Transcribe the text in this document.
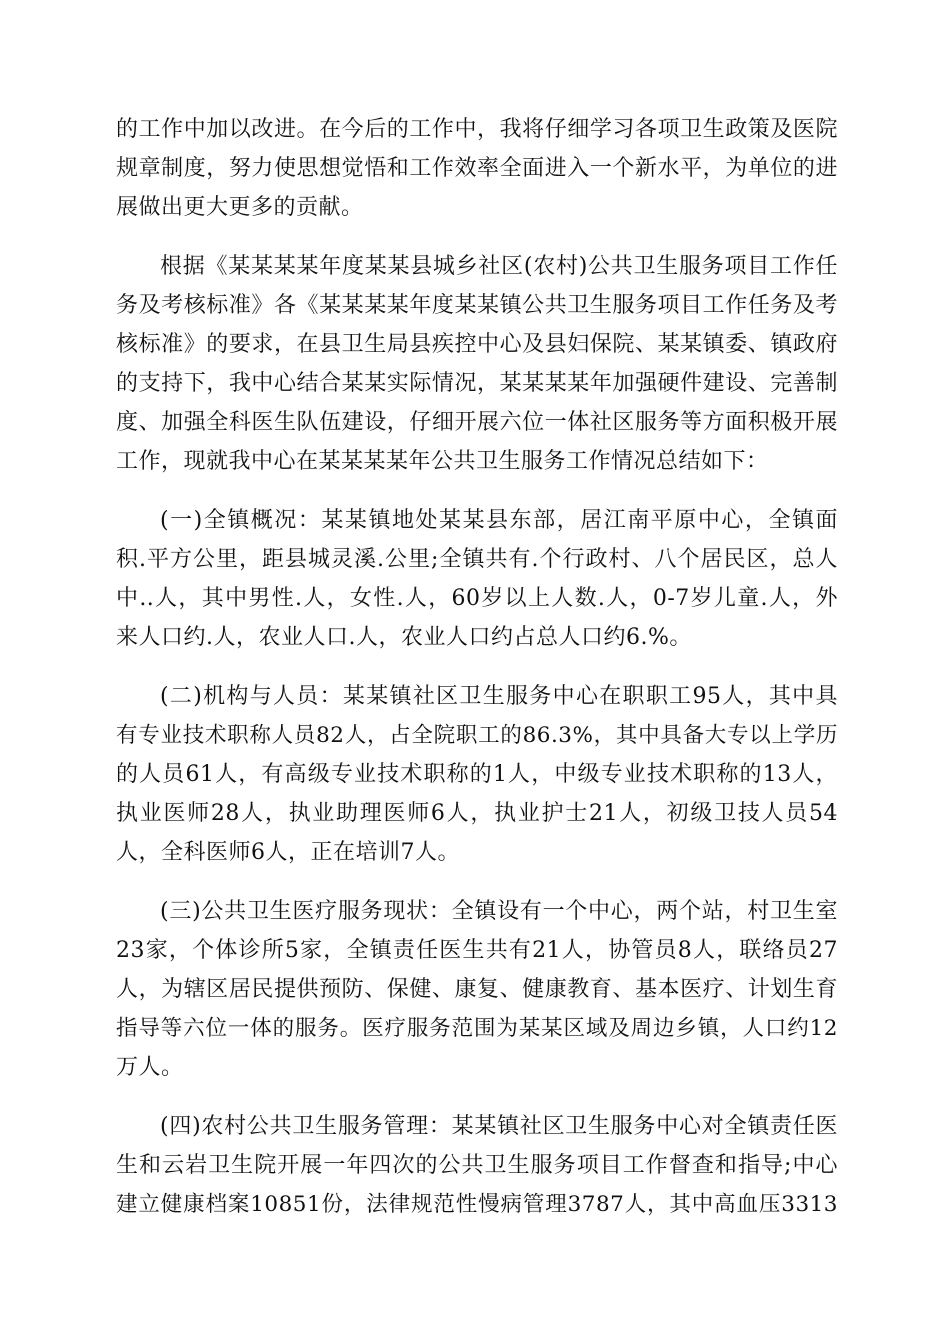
的工作中加以改进。在今后的工作中，我将仔细学习各项卫生政策及医院
规章制度，努力使思想觉悟和工作效率全面进入一个新水平，为单位的进
展做出更大更多的贡献。
根据《某某某某年度某某县城乡社区(农村)公共卫生服务项目工作任
务及考核标准》各《某某某某年度某某镇公共卫生服务项目工作任务及考
核标准》的要求，在县卫生局县疾控中心及县妇保院、某某镇委、镇政府
的支持下，我中心结合某某实际情况，某某某某年加强硬件建设、完善制
度、加强全科医生队伍建设，仔细开展六位一体社区服务等方面积极开展
工作，现就我中心在某某某某年公共卫生服务工作情况总结如下：
(一)全镇概况：某某镇地处某某县东部，居江南平原中心，全镇面
积.平方公里，距县城灵溪.公里;全镇共有.个行政村、八个居民区，总人
中..人，其中男性.人，女性.人，60岁以上人数.人，0-7岁儿童.人，外
来人口约.人，农业人口.人，农业人口约占总人口约6.%。
(二)机构与人员：某某镇社区卫生服务中心在职职工95人，其中具
有专业技术职称人员82人，占全院职工的86.3%，其中具备大专以上学历
的人员61人，有高级专业技术职称的1人，中级专业技术职称的13人，
执业医师28人，执业助理医师6人，执业护士21人，初级卫技人员54
人，全科医师6人，正在培训7人。
(三)公共卫生医疗服务现状：全镇设有一个中心，两个站，村卫生室
23家，个体诊所5家，全镇责任医生共有21人，协管员8人，联络员27
人，为辖区居民提供预防、保健、康复、健康教育、基本医疗、计划生育
指导等六位一体的服务。医疗服务范围为某某区域及周边乡镇，人口约12
万人。
(四)农村公共卫生服务管理：某某镇社区卫生服务中心对全镇责任医
生和云岩卫生院开展一年四次的公共卫生服务项目工作督查和指导;中心
建立健康档案10851份，法律规范性慢病管理3787人，其中高血压3313
